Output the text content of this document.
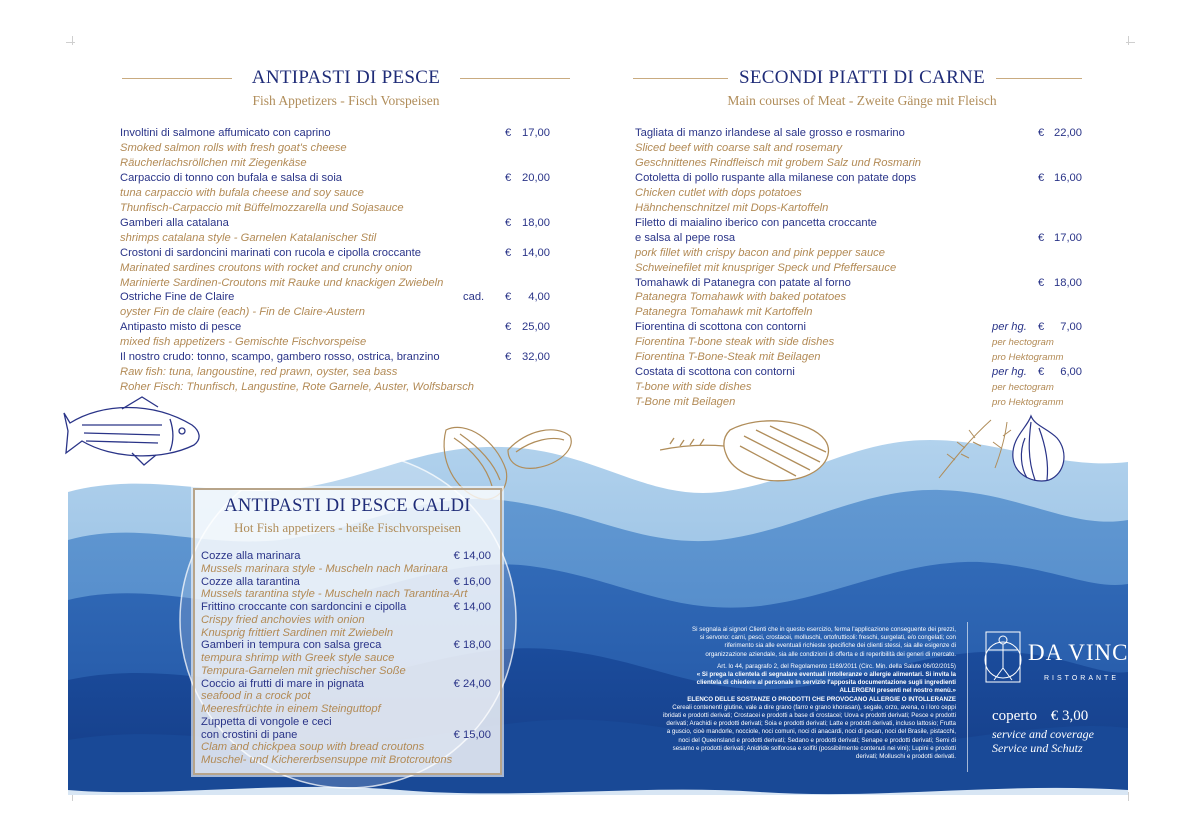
ANTIPASTI DI PESCE
Fish Appetizers - Fisch Vorspeisen
Involtini di salmone affumicato con caprino	€ 17,00
Smoked salmon rolls with fresh goat's cheese
Räucherlachsröllchen mit Ziegenkäse
Carpaccio di tonno con bufala e salsa di soia	€ 20,00
tuna carpaccio with bufala cheese and soy sauce
Thunfisch-Carpaccio mit Büffelmozzarella und Sojasauce
Gamberi alla catalana	€ 18,00
shrimps catalana style - Garnelen Katalanischer Stil
Crostoni di sardoncini marinati con rucola e cipolla croccante	€ 14,00
Marinated sardines croutons with rocket and crunchy onion
Marinierte Sardinen-Croutons mit Rauke und knackigen Zwiebeln
Ostriche Fine de Claire	cad. €	4,00
oyster Fin de claire (each) - Fin de Claire-Austern
Antipasto misto di pesce	€ 25,00
mixed fish appetizers - Gemischte Fischvorspeise
Il nostro crudo: tonno, scampo, gambero rosso, ostrica, branzino	€ 32,00
Raw fish: tuna, langoustine, red prawn, oyster, sea bass
Roher Fisch: Thunfisch, Langustine, Rote Garnele, Auster, Wolfsbarsch
SECONDI PIATTI DI CARNE
Main courses of Meat - Zweite Gänge mit Fleisch
Tagliata di manzo irlandese al sale grosso e rosmarino	€ 22,00
Sliced beef with coarse salt and rosemary
Geschnittenes Rindfleisch mit grobem Salz und Rosmarin
Cotoletta di pollo ruspante alla milanese con patate dops	€ 16,00
Chicken cutlet with dops potatoes
Hähnchenschnitzel mit Dops-Kartoffeln
Filetto di maialino iberico con pancetta croccante
e salsa al pepe rosa	€ 17,00
pork fillet with crispy bacon and pink pepper sauce
Schweinefilet mit knuspriger Speck und Pfeffersauce
Tomahawk di Patanegra con patate al forno	€ 18,00
Patanegra Tomahawk with baked potatoes
Patanegra Tomahawk mit Kartoffeln
Fiorentina di scottona con contorni	per hg. €	7,00
Fiorentina T-bone steak with side dishes	per hectogram
Fiorentina T-Bone-Steak mit Beilagen	pro Hektogramm
Costata di scottona con contorni	per hg. €	6,00
T-bone with side dishes	per hectogram
T-Bone mit Beilagen	pro Hektogramm
ANTIPASTI DI PESCE CALDI
Hot Fish appetizers - heiße Fischvorspeisen
Cozze alla marinara	€ 14,00
Mussels marinara style - Muscheln nach Marinara
Cozze alla tarantina	€ 16,00
Mussels tarantina style - Muscheln nach Tarantina-Art
Frittino croccante con sardoncini e cipolla	€ 14,00
Crispy fried anchovies with onion
Knusprig frittiert Sardinen mit Zwiebeln
Gamberi in tempura con salsa greca	€ 18,00
tempura shrimp with Greek style sauce
Tempura-Garnelen mit griechischer Soße
Coccio ai frutti di mare in pignata	€ 24,00
seafood in a crock pot
Meeresfrüchte in einem Steinguttopf
Zuppetta di vongole e ceci
con crostini di pane	€ 15,00
Clam and chickpea soup with bread croutons
Muschel- und Kichererbsensuppe mit Brotcroutons
Si segnala ai signori Clienti che in questo esercizio, ferma l'applicazione conseguente dei prezzi,
si servono: carni, pesci, crostacei, molluschi, ortofrutticoli: freschi, surgelati, e/o congelati; con
riferimento sia alle eventuali richieste specifiche dei clienti stessi, sia alle esigenze di
organizzazione aziendale, sia alle condizioni di offerta e di reperibilità dei generi di mercato.
Art. lo 44, paragrafo 2, del Regolamento 1169/2011 (Circ. Min. della Salute 06/02/2015)
« Si prega la clientela di segnalare eventuali intolleranze o allergie alimentari. Si invita la
clientela di chiedere al personale in servizio l'apposita documentazione sugli ingredienti
ALLERGENI presenti nel nostro menù.»
ELENCO DELLE SOSTANZE O PRODOTTI CHE PROVOCANO ALLERGIE O INTOLLERANZE
Cereali contenenti glutine, vale a dire grano (farro e grano khorasan), segale, orzo, avena, o i loro ceppi
ibridati e prodotti derivati; Crostacei e prodotti a base di crostacei; Uova e prodotti derivati; Pesce e prodotti
derivati; Arachidi e prodotti derivati; Soia e prodotti derivati; Latte e prodotti derivati, incluso lattosio; Frutta
a guscio, cioè mandorle, nocciole, noci comuni, noci di anacardi, noci di pecan, noci del Brasile, pistacchi,
noci del Queensland e prodotti derivati; Sedano e prodotti derivati; Senape e prodotti derivati; Semi di
sesamo e prodotti derivati; Anidride solforosa e solfiti (possibilmente contenuti nei vini); Lupini e prodotti
derivati; Molluschi e prodotti derivati.
DA VINCI
RISTORANTE
coperto € 3,00
service and coverage
Service und Schutz
